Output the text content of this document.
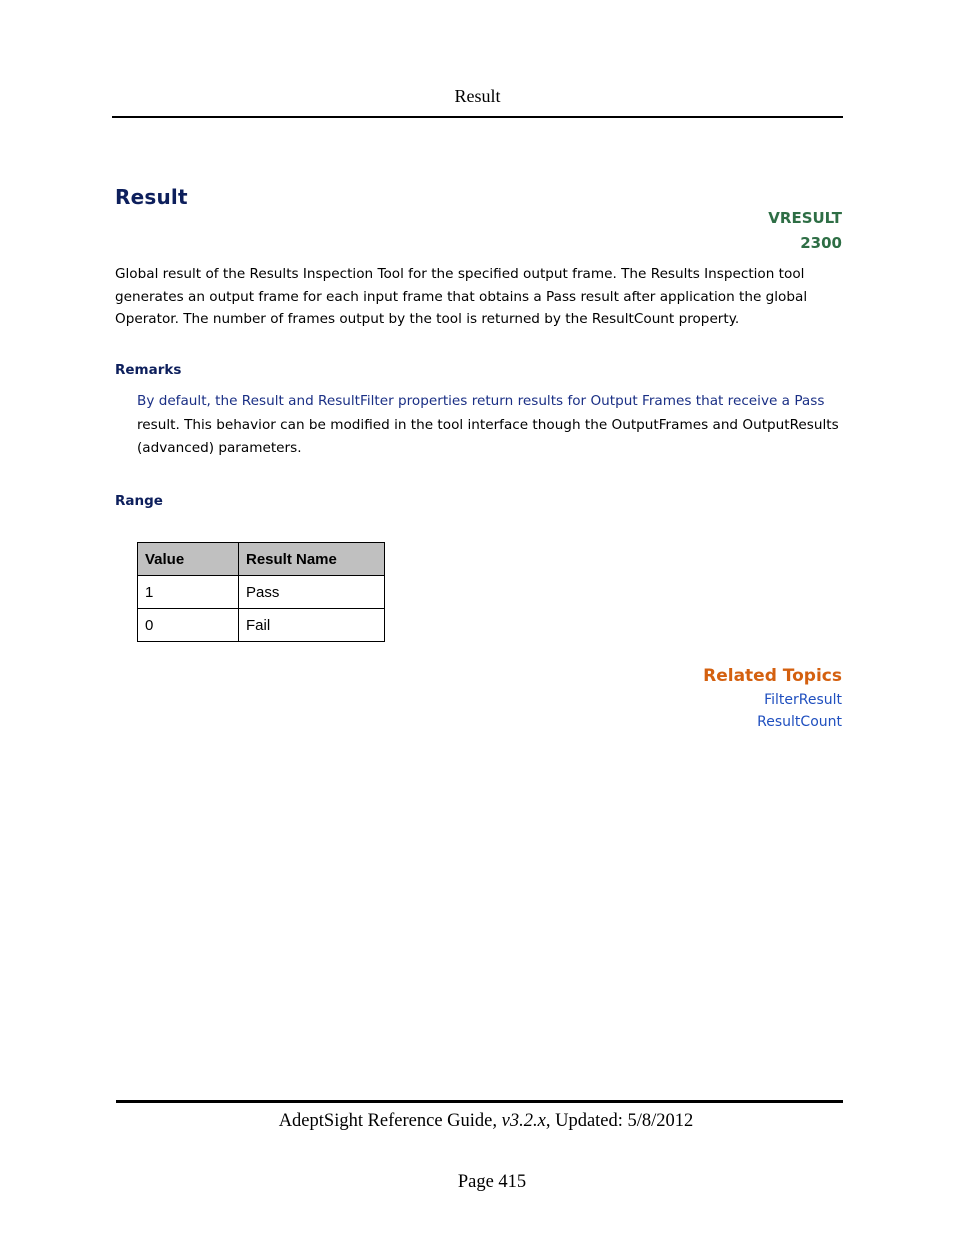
Result
Result
VRESULT
2300
Global result of the Results Inspection Tool for the specified output frame. The Results Inspection tool generates an output frame for each input frame that obtains a Pass result after application the global Operator. The number of frames output by the tool is returned by the ResultCount property.
Remarks
By default, the Result and ResultFilter properties return results for Output Frames that receive a Pass result. This behavior can be modified in the tool interface though the OutputFrames and OutputResults (advanced) parameters.
Range
Value	Result Name
1	Pass
0	Fail
Related Topics
FilterResult
ResultCount
AdeptSight Reference Guide, v3.2.x, Updated: 5/8/2012
Page 415
